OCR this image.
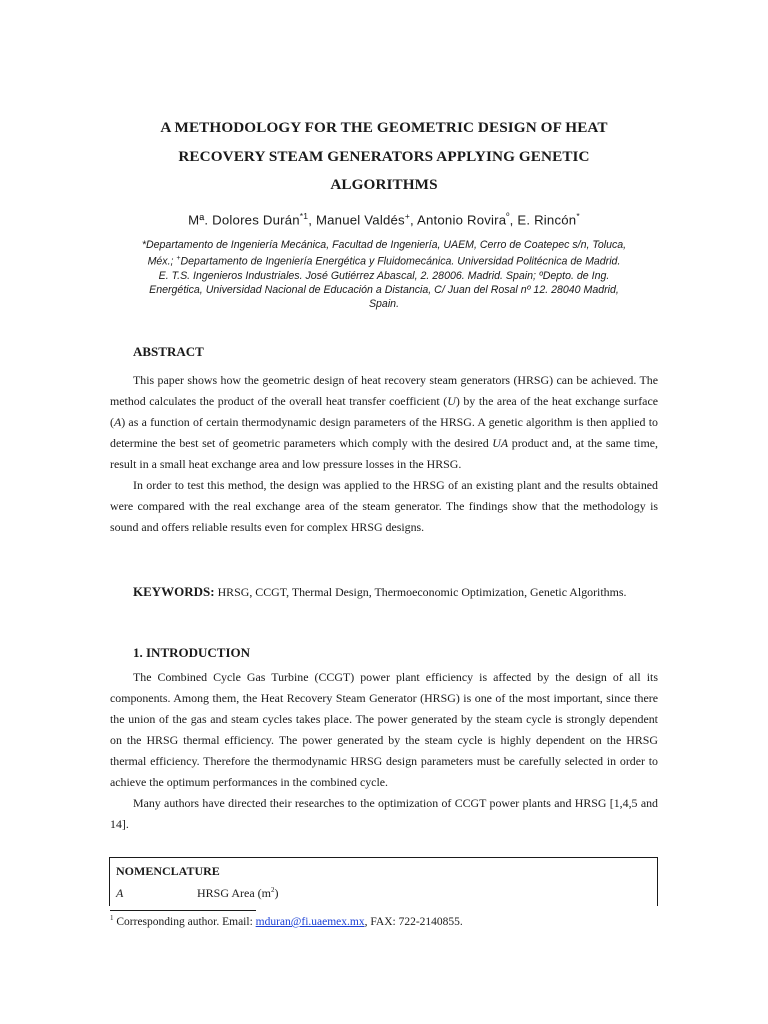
A METHODOLOGY FOR THE GEOMETRIC DESIGN OF HEAT
RECOVERY STEAM GENERATORS APPLYING GENETIC
ALGORITHMS
Mª. Dolores Durán$^{*1}$, Manuel Valdés+, Antonio Rovira$^º$, E. Rincón*
*Departamento de Ingeniería Mecánica, Facultad de Ingeniería, UAEM, Cerro de Coatepec s/n, Toluca,
Méx.; +Departamento de Ingeniería Energética y Fluidomecánica. Universidad Politécnica de Madrid.
E. T.S. Ingenieros Industriales. José Gutiérrez Abascal, 2. 28006. Madrid. Spain; ºDepto. de Ing.
Energética, Universidad Nacional de Educación a Distancia, C/ Juan del Rosal nº 12. 28040 Madrid,
Spain.
ABSTRACT

This paper shows how the geometric design of heat recovery steam generators (HRSG) can be achieved. The method calculates the product of the overall heat transfer coefficient (U) by the area of the heat exchange surface (A) as a function of certain thermodynamic design parameters of the HRSG. A genetic algorithm is then applied to determine the best set of geometric parameters which comply with the desired UA product and, at the same time, result in a small heat exchange area and low pressure losses in the HRSG.

In order to test this method, the design was applied to the HRSG of an existing plant and the results obtained were compared with the real exchange area of the steam generator. The findings show that the methodology is sound and offers reliable results even for complex HRSG designs.

KEYWORDS: HRSG, CCGT, Thermal Design, Thermoeconomic Optimization, Genetic Algorithms.
1. INTRODUCTION

The Combined Cycle Gas Turbine (CCGT) power plant efficiency is affected by the design of all its components. Among them, the Heat Recovery Steam Generator (HRSG) is one of the most important, since there the union of the gas and steam cycles takes place. The power generated by the steam cycle is strongly dependent on the HRSG thermal efficiency. The power generated by the steam cycle is highly dependent on the HRSG thermal efficiency. Therefore the thermodynamic HRSG design parameters must be carefully selected in order to achieve the optimum performances in the combined cycle.

Many authors have directed their researches to the optimization of CCGT power plants and HRSG [1,4,5 and 14].

NOMENCLATURE
A	HRSG Area $(m^2)$
$^1$ Corresponding author. Email: mduran@fi.uaemex.mx, FAX: 722-2140855.
